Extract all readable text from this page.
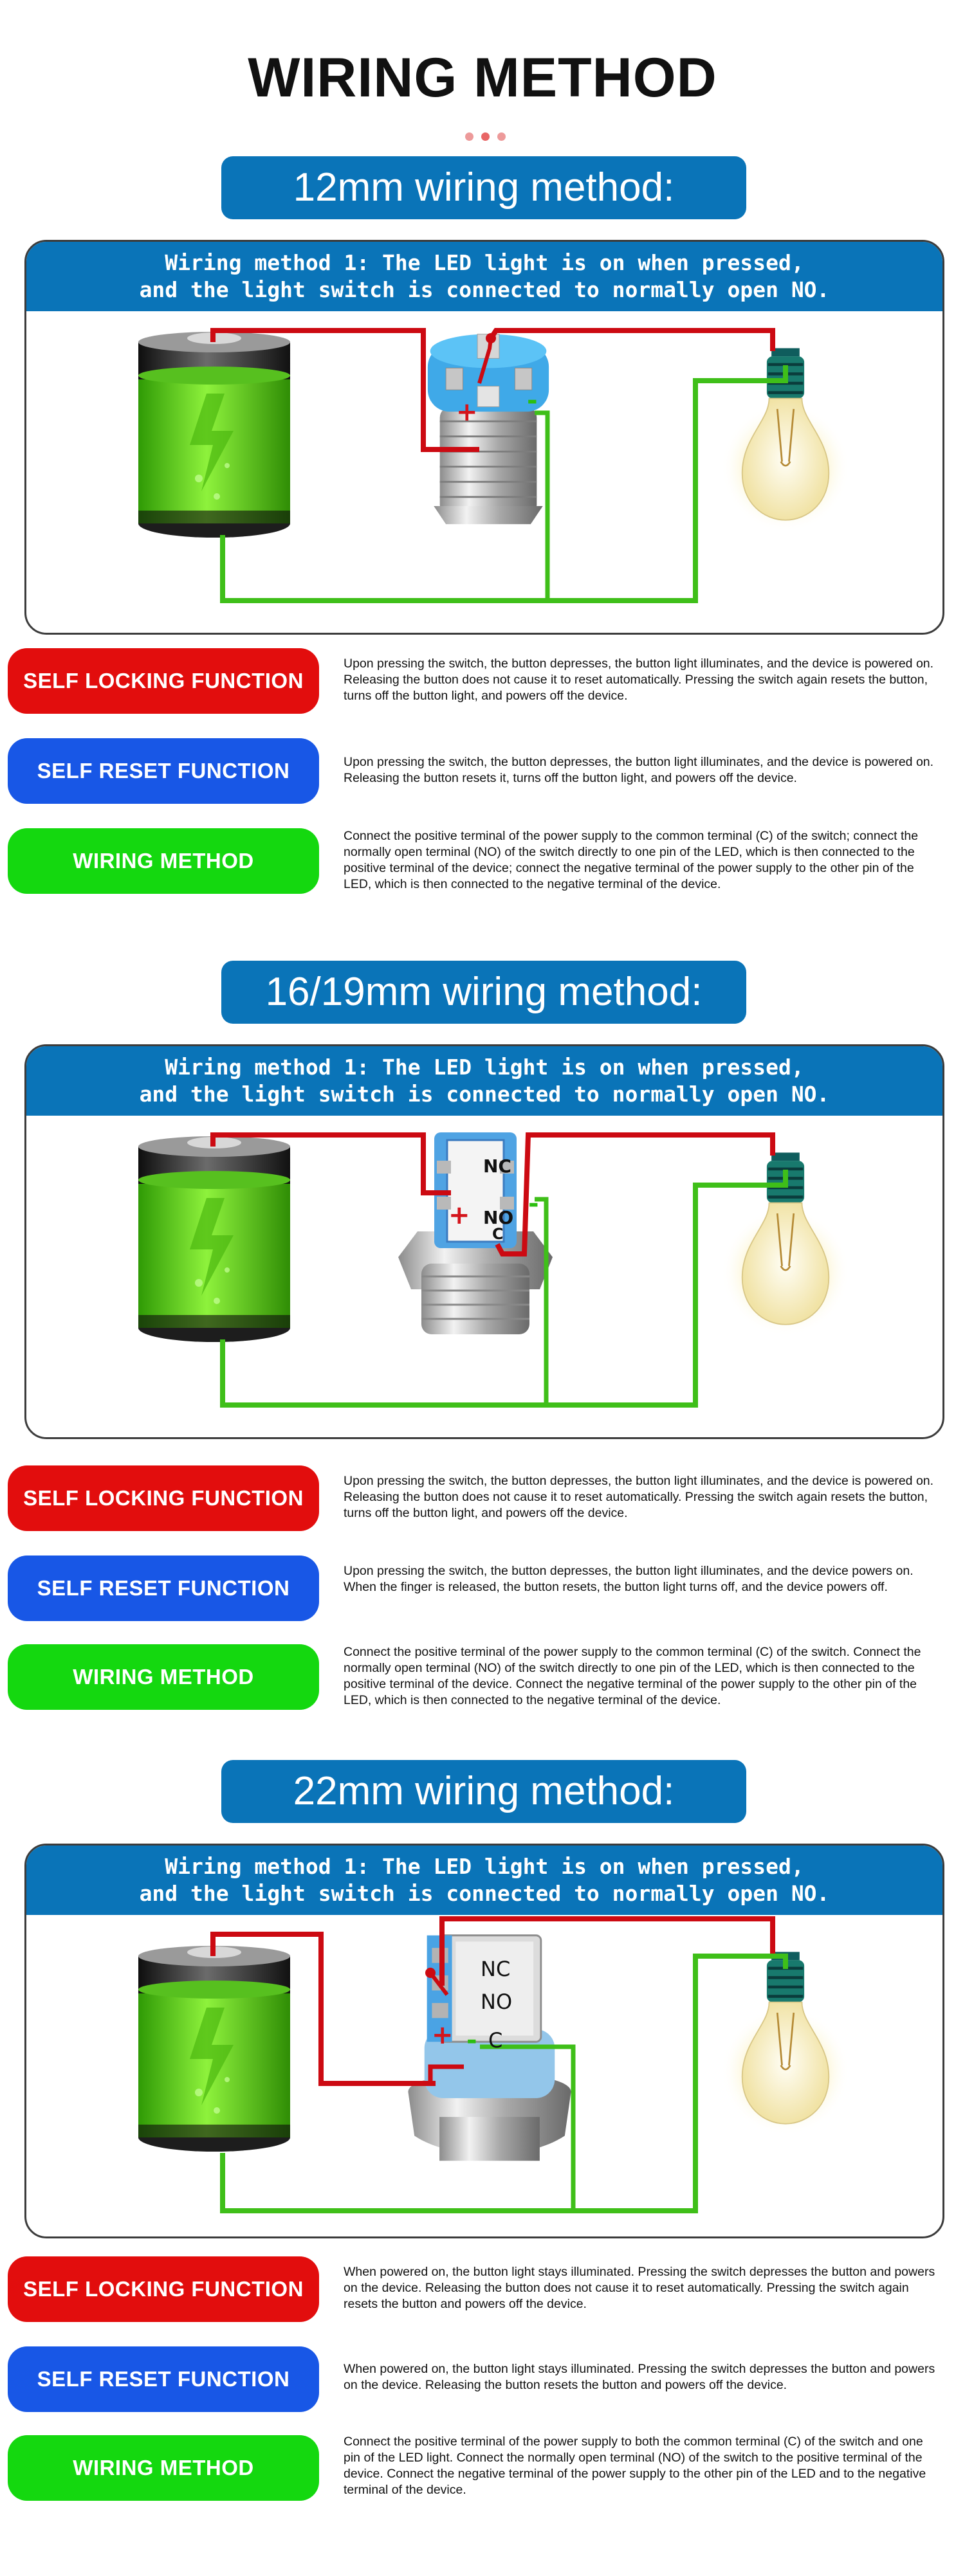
WIRING METHOD
12mm wiring method:
Wiring method 1: The LED light is on when pressed,
and the light switch is connected to normally open NO.
+ -
SELF LOCKING FUNCTION
Upon pressing the switch, the button depresses, the button light illuminates, and the device is powered on. Releasing the button does not cause it to reset automatically. Pressing the switch again resets the button, turns off the button light, and powers off the device.
SELF RESET FUNCTION	Upon pressing the switch, the button depresses, the button light illuminates, and the device is powered on. Releasing the button resets it, turns off the button light, and powers off the device.
WIRING METHOD
Connect the positive terminal of the power supply to the common terminal (C) of the switch; connect the normally open terminal (NO) of the switch directly to one pin of the LED, which is then connected to the positive terminal of the device; connect the negative terminal of the power supply to the other pin of the LED, which is then connected to the negative terminal of the device.
16/19mm wiring method:
Wiring method 1: The LED light is on when pressed,
and the light switch is connected to normally open NO.
NC
NO
C
+ -
SELF LOCKING FUNCTION
Upon pressing the switch, the button depresses, the button light illuminates, and the device is powered on. Releasing the button does not cause it to reset automatically. Pressing the switch again resets the button, turns off the button light, and powers off the device.
SELF RESET FUNCTION
Upon pressing the switch, the button depresses, the button light illuminates, and the device powers on. When the finger is released, the button resets, the button light turns off, and the device powers off.
WIRING METHOD
Connect the positive terminal of the power supply to the common terminal (C) of the switch. Connect the normally open terminal (NO) of the switch directly to one pin of the LED, which is then connected to the positive terminal of the device. Connect the negative terminal of the power supply to the other pin of the LED, which is then connected to the negative terminal of the device.
22mm wiring method:
Wiring method 1: The LED light is on when pressed,
and the light switch is connected to normally open NO.
NC
NO
C
+ -
SELF LOCKING FUNCTION
When powered on, the button light stays illuminated. Pressing the switch depresses the button and powers on the device. Releasing the button does not cause it to reset automatically. Pressing the switch again resets the button and powers off the device.
SELF RESET FUNCTION	When powered on, the button light stays illuminated. Pressing the switch depresses the button and powers on the device. Releasing the button resets the button and powers off the device.
WIRING METHOD
Connect the positive terminal of the power supply to both the common terminal (C) of the switch and one pin of the LED light. Connect the normally open terminal (NO) of the switch to the positive terminal of the device. Connect the negative terminal of the power supply to the other pin of the LED and to the negative terminal of the device.
